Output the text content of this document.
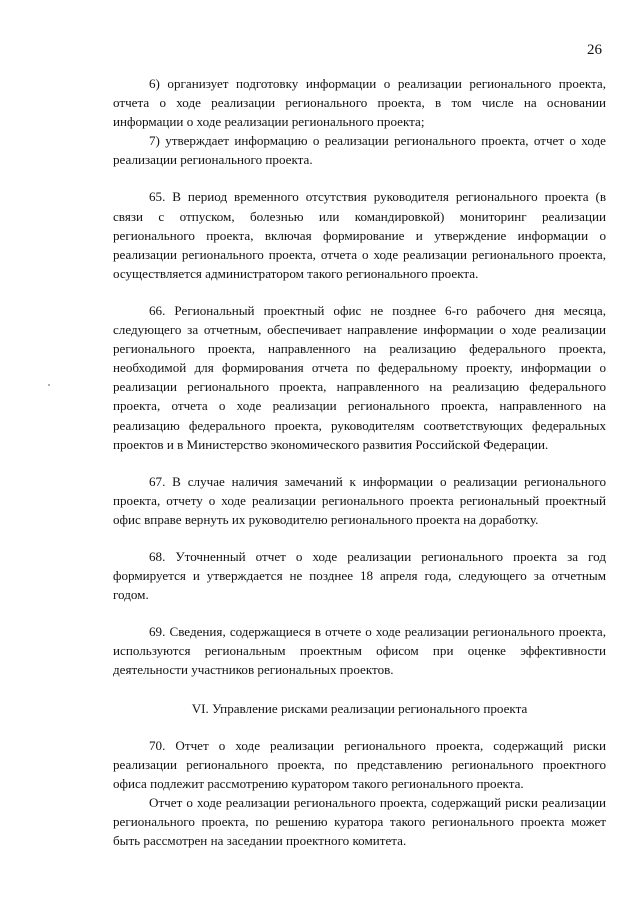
26

6) организует подготовку информации о реализации регионального проекта, отчета о ходе реализации регионального проекта, в том числе на основании информации о ходе реализации регионального проекта;

7) утверждает информацию о реализации регионального проекта, отчет о ходе реализации регионального проекта.

65. В период временного отсутствия руководителя регионального проекта (в связи с отпуском, болезнью или командировкой) мониторинг реализации регионального проекта, включая формирование и утверждение информации о реализации регионального проекта, отчета о ходе реализации регионального проекта, осуществляется администратором такого регионального проекта.

66. Региональный проектный офис не позднее 6-го рабочего дня месяца, следующего за отчетным, обеспечивает направление информации о ходе реализации регионального проекта, направленного на реализацию федерального проекта, необходимой для формирования отчета по федеральному проекту, информации о реализации регионального проекта, направленного на реализацию федерального проекта, отчета о ходе реализации регионального проекта, направленного на реализацию федерального проекта, руководителям соответствующих федеральных проектов и в Министерство экономического развития Российской Федерации.

67. В случае наличия замечаний к информации о реализации регионального проекта, отчету о ходе реализации регионального проекта региональный проектный офис вправе вернуть их руководителю регионального проекта на доработку.

68. Уточненный отчет о ходе реализации регионального проекта за год формируется и утверждается не позднее 18 апреля года, следующего за отчетным годом.

69. Сведения, содержащиеся в отчете о ходе реализации регионального проекта, используются региональным проектным офисом при оценке эффективности деятельности участников региональных проектов.

VI. Управление рисками реализации регионального проекта

70. Отчет о ходе реализации регионального проекта, содержащий риски реализации регионального проекта, по представлению регионального проектного офиса подлежит рассмотрению куратором такого регионального проекта.

Отчет о ходе реализации регионального проекта, содержащий риски реализации регионального проекта, по решению куратора такого регионального проекта может быть рассмотрен на заседании проектного комитета.
